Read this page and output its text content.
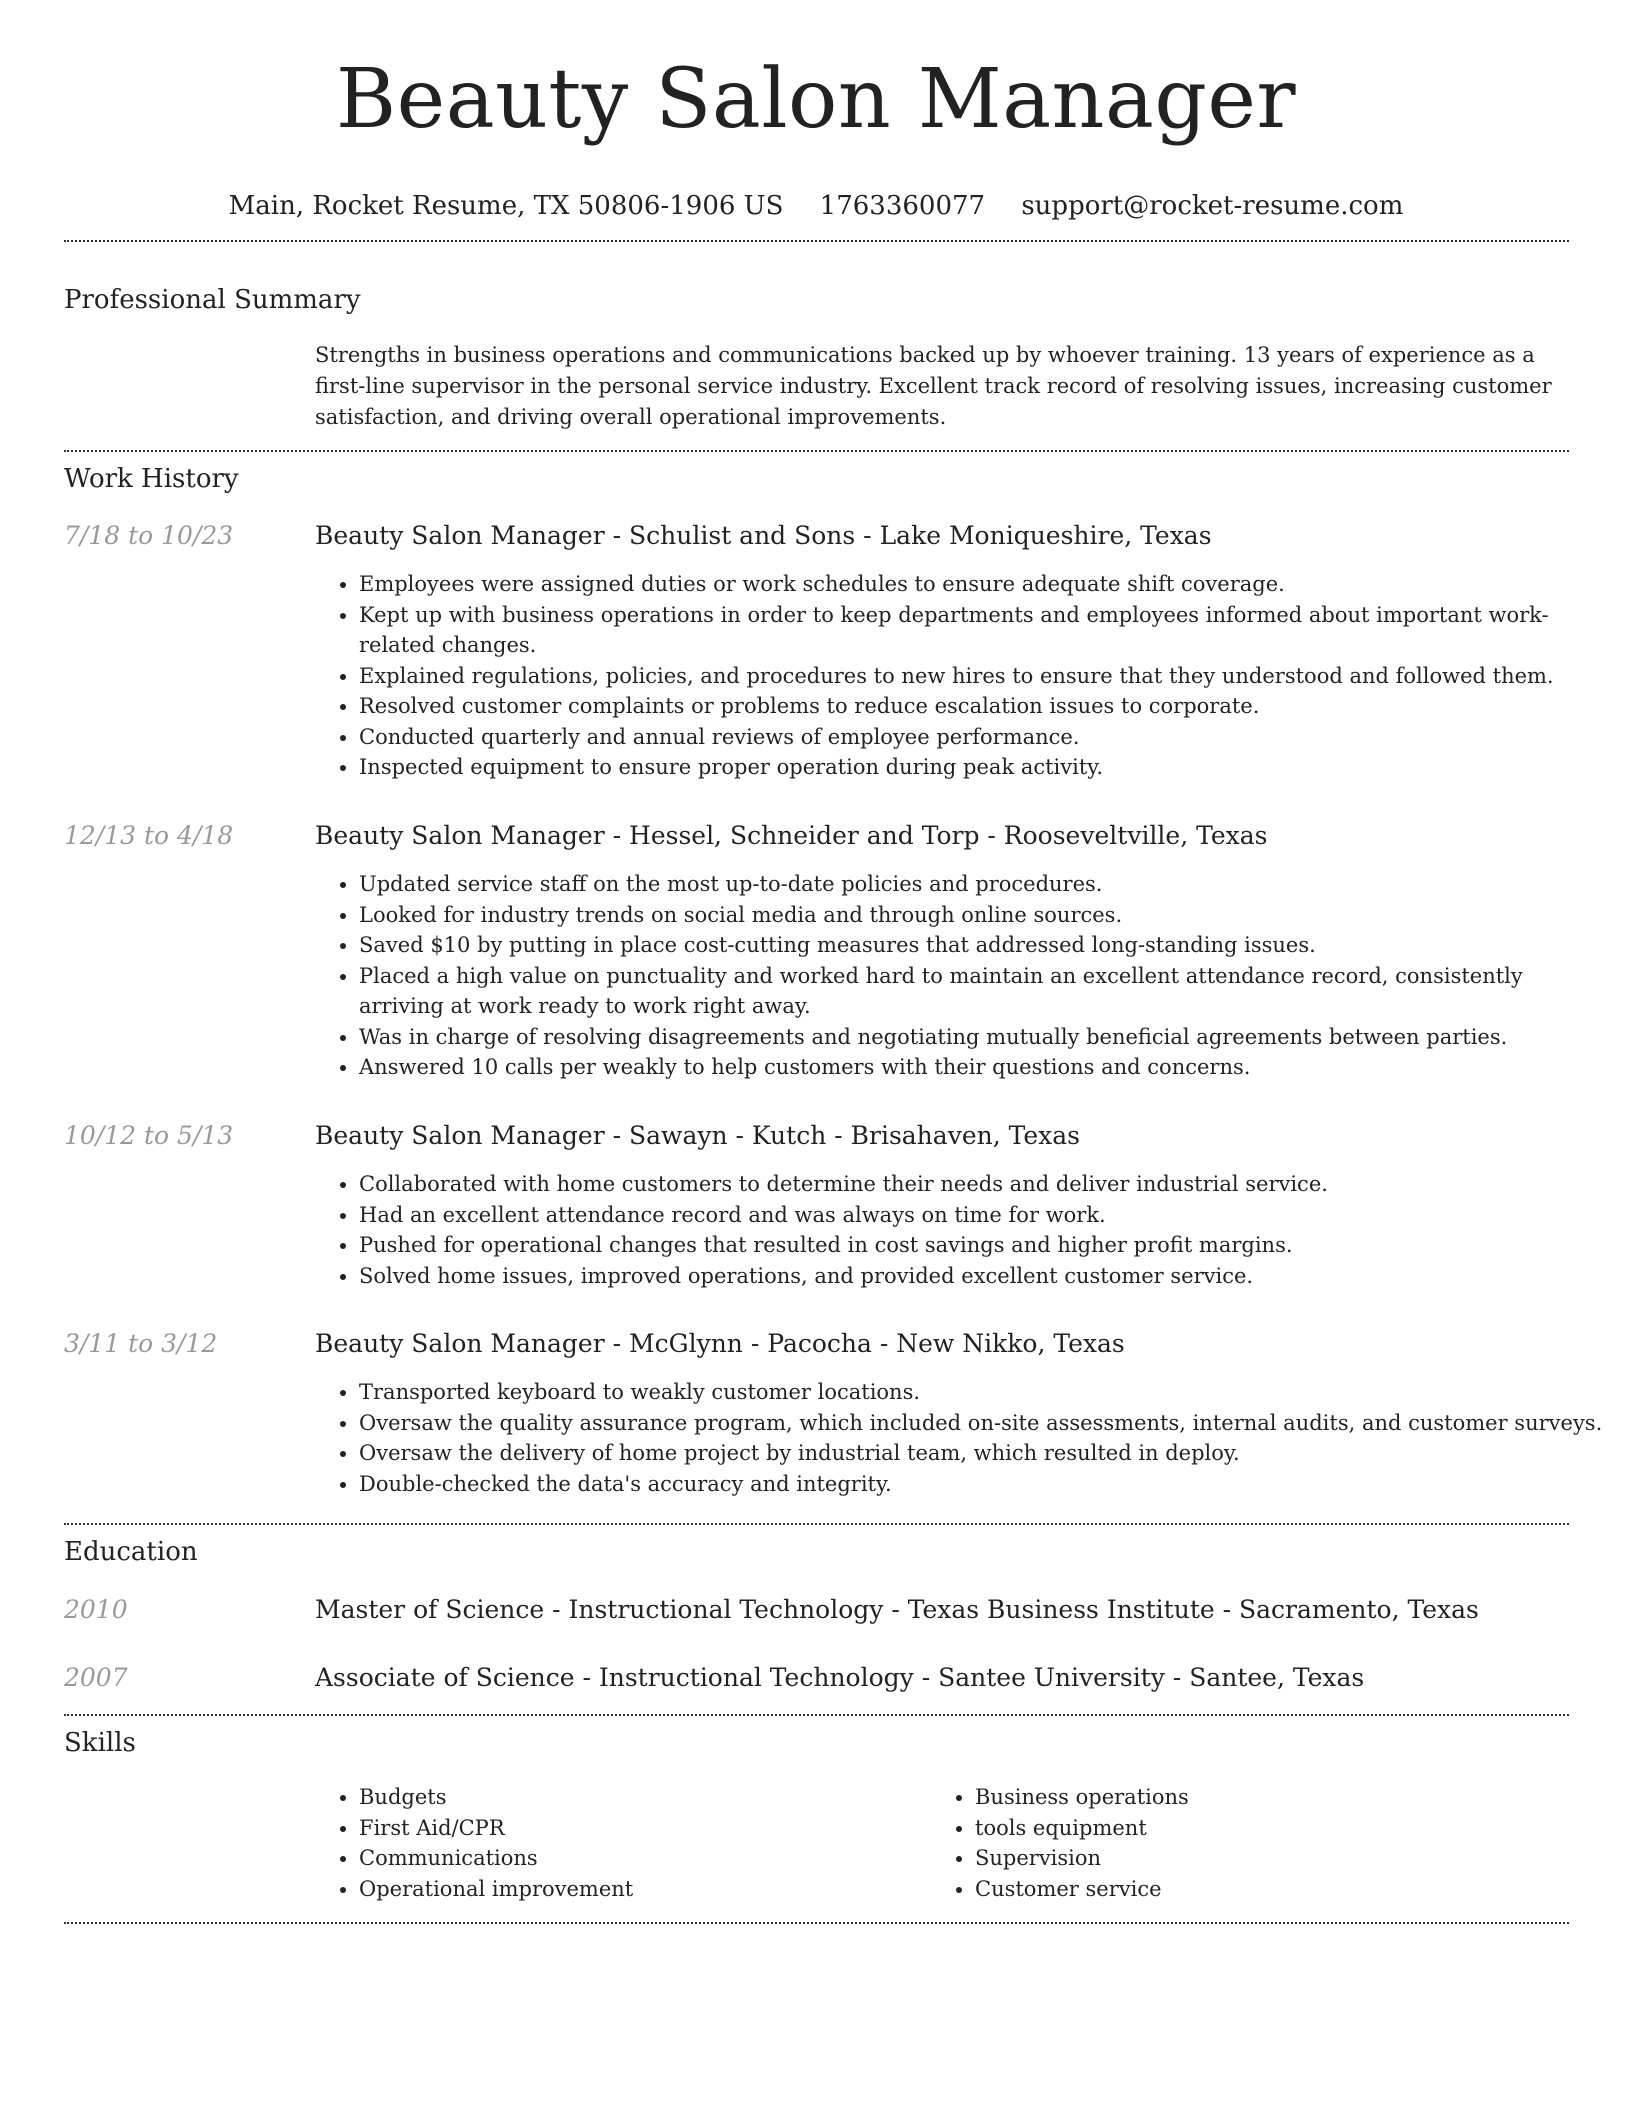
Beauty Salon Manager
Main, Rocket Resume, TX 50806-1906 US 1763360077 support@rocket-resume.com
Professional Summary

Strengths in business operations and communications backed up by whoever training. 13 years of experience as a first-line supervisor in the personal service industry. Excellent track record of resolving issues, increasing customer satisfaction, and driving overall operational improvements.

Work History
7/18 to 10/23	Beauty Salon Manager - Schulist and Sons - Lake Moniqueshire, Texas
• Employees were assigned duties or work schedules to ensure adequate shift coverage.
• Kept up with business operations in order to keep departments and employees informed about important work-related changes.
• Explained regulations, policies, and procedures to new hires to ensure that they understood and followed them.
• Resolved customer complaints or problems to reduce escalation issues to corporate.
• Conducted quarterly and annual reviews of employee performance.
• Inspected equipment to ensure proper operation during peak activity.
12/13 to 4/18	Beauty Salon Manager - Hessel, Schneider and Torp - Rooseveltville, Texas
• Updated service staff on the most up-to-date policies and procedures.
• Looked for industry trends on social media and through online sources.
• Saved $10 by putting in place cost-cutting measures that addressed long-standing issues.
• Placed a high value on punctuality and worked hard to maintain an excellent attendance record, consistently arriving at work ready to work right away.
• Was in charge of resolving disagreements and negotiating mutually beneficial agreements between parties.
• Answered 10 calls per weakly to help customers with their questions and concerns.
10/12 to 5/13	Beauty Salon Manager - Sawayn - Kutch - Brisahaven, Texas
• Collaborated with home customers to determine their needs and deliver industrial service.
• Had an excellent attendance record and was always on time for work.
• Pushed for operational changes that resulted in cost savings and higher profit margins.
• Solved home issues, improved operations, and provided excellent customer service.
3/11 to 3/12	Beauty Salon Manager - McGlynn - Pacocha - New Nikko, Texas
• Transported keyboard to weakly customer locations.
• Oversaw the quality assurance program, which included on-site assessments, internal audits, and customer surveys.
• Oversaw the delivery of home project by industrial team, which resulted in deploy.
• Double-checked the data's accuracy and integrity.
Education
2010	Master of Science - Instructional Technology - Texas Business Institute - Sacramento, Texas
2007	Associate of Science - Instructional Technology - Santee University - Santee, Texas
Skills
• Budgets
• First Aid/CPR
• Communications
• Operational improvement
• Business operations
• tools equipment
• Supervision
• Customer service
